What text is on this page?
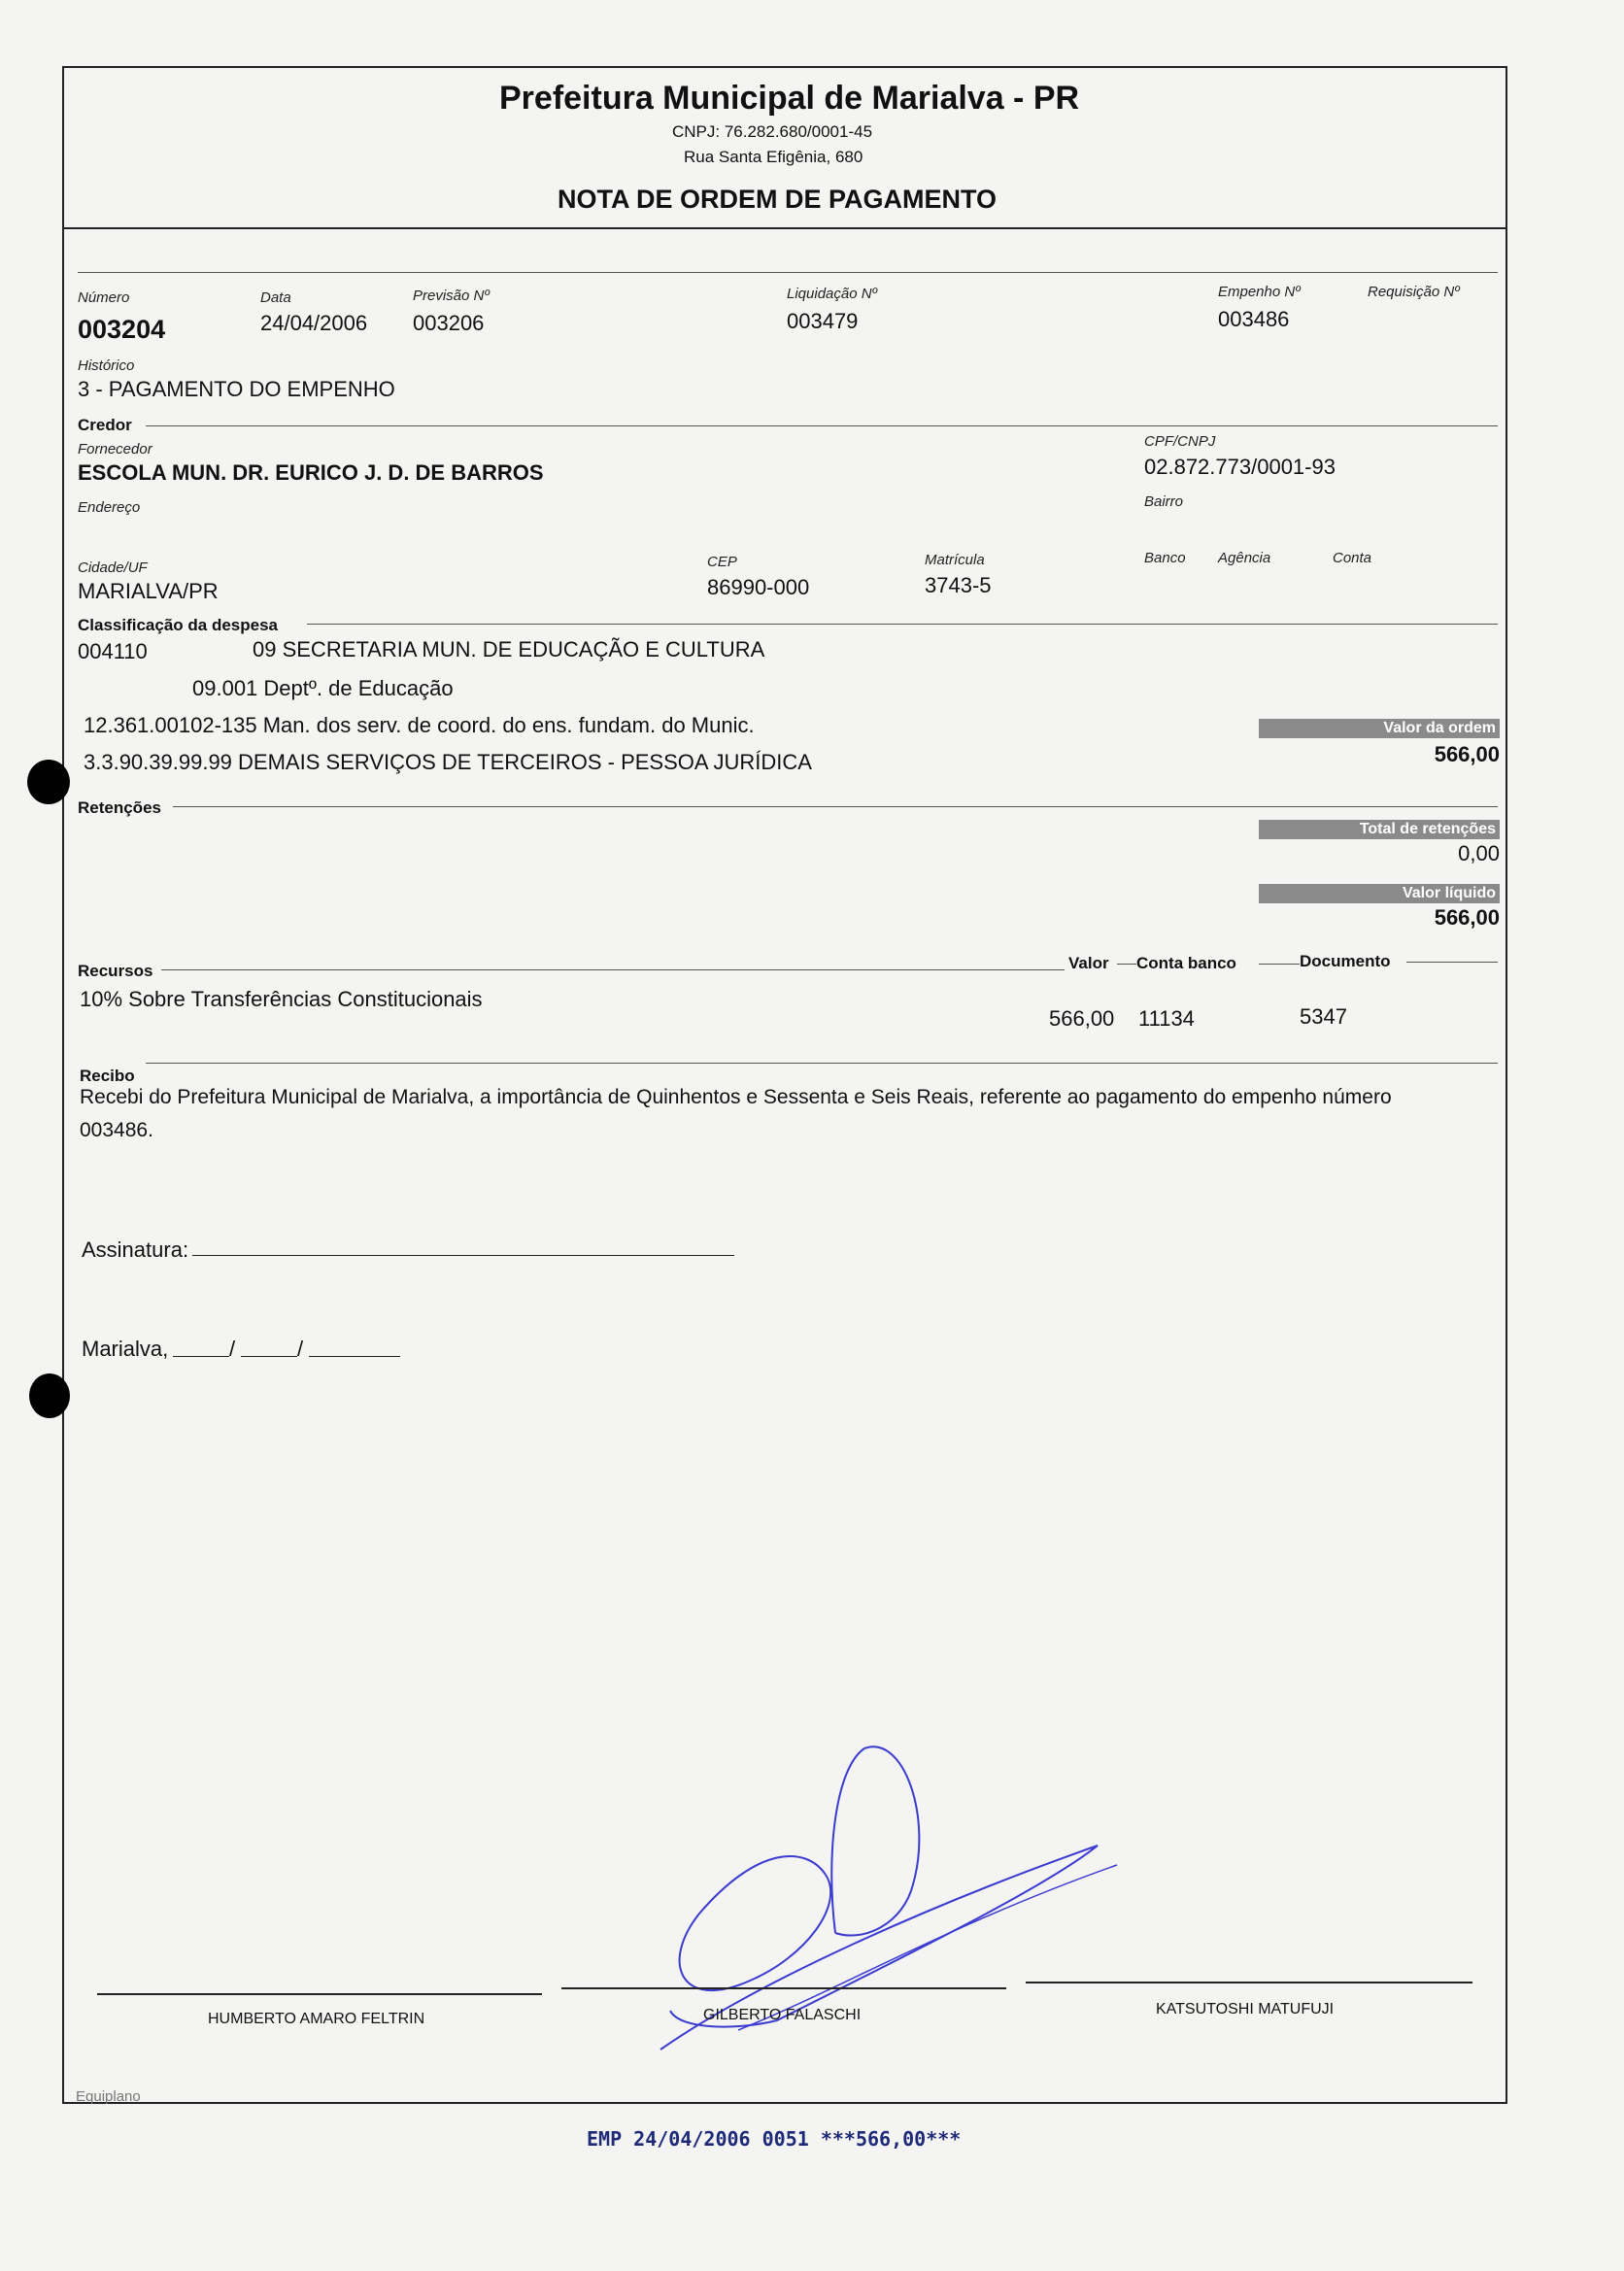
Prefeitura Municipal de Marialva - PR
CNPJ: 76.282.680/0001-45
Rua Santa Efigênia, 680
NOTA DE ORDEM DE PAGAMENTO
Número
003204
Data
24/04/2006
Previsão Nº
003206
Liquidação Nº
003479
Empenho Nº
003486
Requisição Nº
Histórico
3 - PAGAMENTO DO EMPENHO
Credor
Fornecedor
ESCOLA MUN. DR. EURICO J. D. DE BARROS
CPF/CNPJ
02.872.773/0001-93
Endereço	Bairro
Cidade/UF
MARIALVA/PR
CEP
86990-000
Matrícula
3743-5
Banco Agência	Conta
Classificação da despesa
004110	09 SECRETARIA MUN. DE EDUCAÇÃO E CULTURA
09.001 Deptº. de Educação
12.361.00102-135 Man. dos serv. de coord. do ens. fundam. do Munic.
3.3.90.39.99.99 DEMAIS SERVIÇOS DE TERCEIROS - PESSOA JURÍDICA
Valor da ordem
566,00
Retenções
Total de retenções
0,00
Valor líquido
566,00
Recursos	Valor Conta banco	Documento
10% Sobre Transferências Constitucionais
566,00 11134	5347
Recibo
Recebi do Prefeitura Municipal de Marialva, a importância de Quinhentos e Sessenta e Seis Reais, referente ao pagamento do empenho número
003486.
Assinatura:
Marialva,	/	/
HUMBERTO AMARO FELTRIN	GILBERTO FALASCHI	KATSUTOSHI MATUFUJI
Equiplano
EMP 24/04/2006 0051 ***566,00***
